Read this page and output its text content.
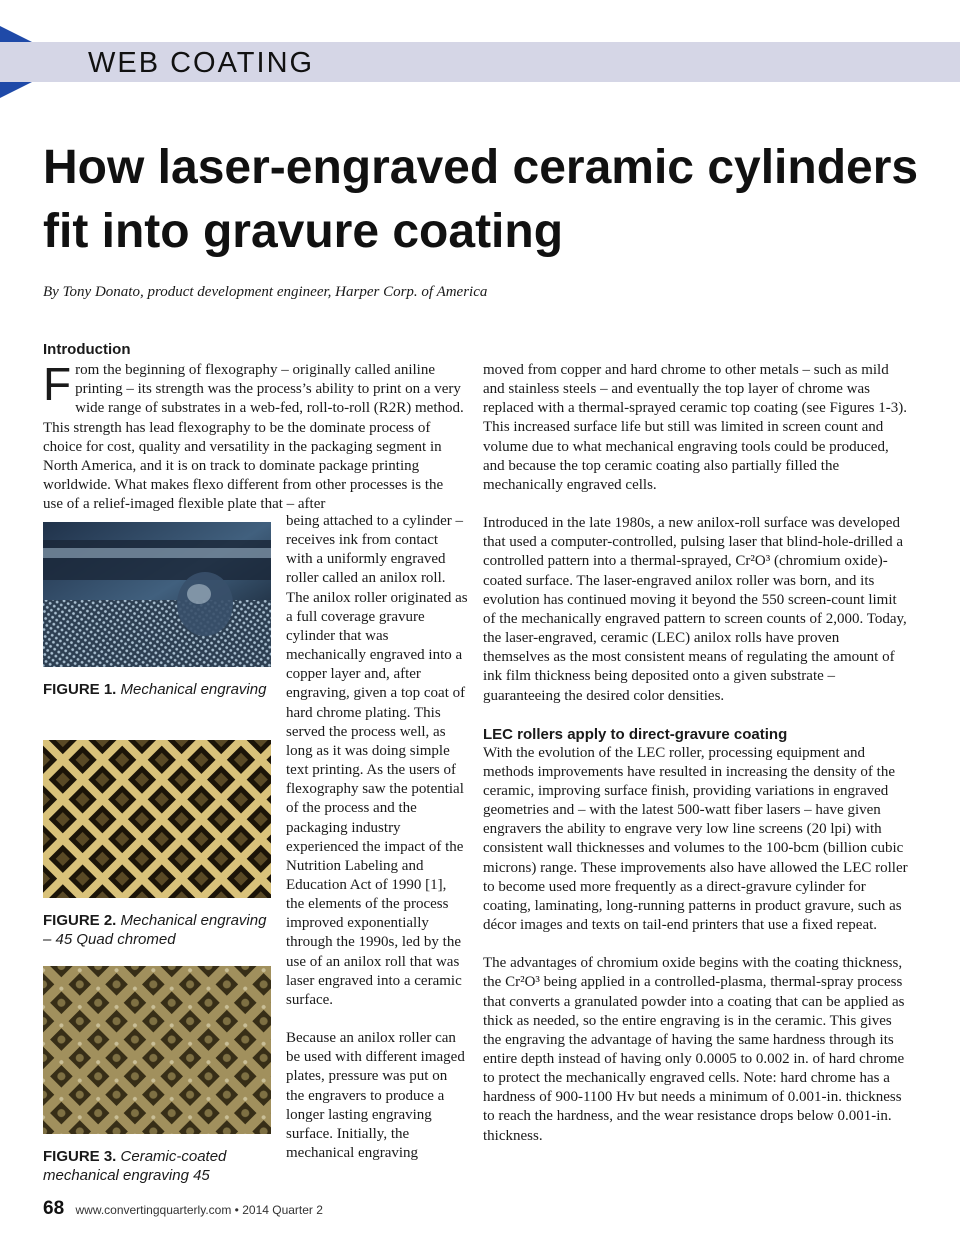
WEB COATING
How laser-engraved ceramic cylinders fit into gravure coating
By Tony Donato, product development engineer, Harper Corp. of America
Introduction

From the beginning of flexography – originally called aniline printing – its strength was the process’s ability to print on a very wide range of substrates in a web-fed, roll-to-roll (R2R) method. This strength has lead flexography to be the dominate process of choice for cost, quality and versatility in the packaging segment in North America, and it is on track to dominate package printing worldwide. What makes flexo different from other processes is the use of a relief-imaged flexible plate that – after

being attached to a cylinder – receives ink from contact with a uniformly engraved roller called an anilox roll. The anilox roller originated as a full coverage gravure cylinder that was mechanically engraved into a copper layer and, after engraving, given a top coat of hard chrome plating. This served the process well, as long as it was doing simple text printing. As the users of flexography saw the potential of the process and the packaging industry experienced the impact of the Nutrition Labeling and Education Act of 1990 [1], the elements of the process improved exponentially through the 1990s, led by the use of an anilox roll that was laser engraved into a ceramic surface.

Because an anilox roller can be used with different imaged plates, pressure was put on the engravers to produce a longer lasting engraving surface. Initially, the mechanical engraving

FIGURE 1. Mechanical engraving
FIGURE 2. Mechanical engraving – 45 Quad chromed
FIGURE 3. Ceramic-coated mechanical engraving 45

moved from copper and hard chrome to other metals – such as mild and stainless steels – and eventually the top layer of chrome was replaced with a thermal-sprayed ceramic top coating (see Figures 1-3). This increased surface life but still was limited in screen count and volume due to what mechanical engraving tools could be produced, and because the top ceramic coating also partially filled the mechanically engraved cells.

Introduced in the late 1980s, a new anilox-roll surface was developed that used a computer-controlled, pulsing laser that blind-hole-drilled a controlled pattern into a thermal-sprayed, Cr²O³ (chromium oxide)-coated surface. The laser-engraved anilox roller was born, and its evolution has continued moving it beyond the 550 screen-count limit of the mechanically engraved pattern to screen counts of 2,000. Today, the laser-engraved, ceramic (LEC) anilox rolls have proven themselves as the most consistent means of regulating the amount of ink film thickness being deposited onto a given substrate – guaranteeing the desired color densities.

LEC rollers apply to direct-gravure coating

With the evolution of the LEC roller, processing equipment and methods improvements have resulted in increasing the density of the ceramic, improving surface finish, providing variations in engraved geometries and – with the latest 500-watt fiber lasers – have given engravers the ability to engrave very low line screens (20 lpi) with consistent wall thicknesses and volumes to the 100-bcm (billion cubic microns) range. These improvements also have allowed the LEC roller to become used more frequently as a direct-gravure cylinder for coating, laminating, long-running patterns in product gravure, such as décor images and texts on tail-end printers that use a fixed repeat.

The advantages of chromium oxide begins with the coating thickness, the Cr²O³ being applied in a controlled-plasma, thermal-spray process that converts a granulated powder into a coating that can be applied as thick as needed, so the entire engraving is in the ceramic. This gives the engraving the advantage of having the same hardness through its entire depth instead of having only 0.0005 to 0.002 in. of hard chrome to protect the mechanically engraved cells. Note: hard chrome has a hardness of 900-1100 Hv but needs a minimum of 0.001-in. thickness to reach the hardness, and the wear resistance drops below 0.001-in. thickness.

68 www.convertingquarterly.com • 2014 Quarter 2
